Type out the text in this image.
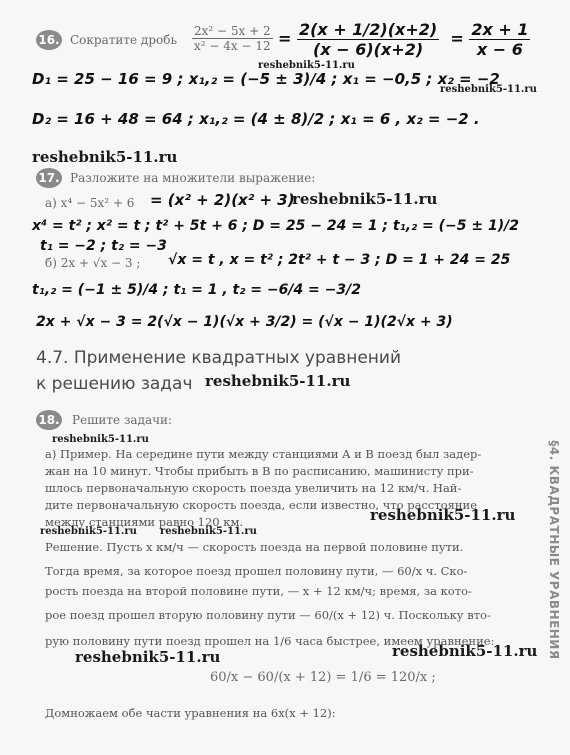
16. Сократите дробь $\frac{\text{2x² − 5x + 2}}{\text{x² − 4x − 12}} = \frac{2(x + 1/2)(x+2)}{(x - 6)(x+2)} = \frac{2x + 1}{x - 6}$
D₁ = 25 − 16 = 9 ; x₁,₂ = (−5 ± 3)/4 ; x₁ = −0,5 ; x₂ = −2
reshebnik5-11.ru
reshebnik5-11.ru
D₂ = 16 + 48 = 64 ; x₁,₂ = (4 ± 8)/2 ; x₁ = 6 , x₂ = −2 .
reshebnik5-11.ru
17. Разложите на множители выражение:
а) x⁴ − 5x² + 6 = (x² + 2)(x² + 3)
reshebnik5-11.ru
x⁴ = t² ; x² = t ; t² + 5t + 6 ; D = 25 − 24 = 1 ; t₁,₂ = (−5 ± 1)/2
t₁ = −2 ; t₂ = −3
б) 2x + √x − 3 ; √x = t , x = t² ; 2t² + t − 3 ; D = 1 + 24 = 25
t₁,₂ = (−1 ± 5)/4 ; t₁ = 1 , t₂ = −6/4 = −3/2
2x + √x − 3 = 2(√x − 1)(√x + 3/2) = (√x − 1)(2√x + 3)
4.7. Применение квадратных уравнений
к решению задач reshebnik5-11.ru
18. Решите задачи:
reshebnik5-11.ru
а) Пример. На середине пути между станциями A и B поезд был задер-
жан на 10 минут. Чтобы прибыть в B по расписанию, машинисту при-
шлось первоначальную скорость поезда увеличить на 12 км/ч. Най-
дите первоначальную скорость поезда, если известно, что расстояние
между станциями равно 120 км.	reshebnik5-11.ru
reshebnik5-11.ru reshebnik5-11.ru
Решение. Пусть x км/ч — скорость поезда на первой половине пути.
Тогда время, за которое поезд прошел половину пути, — 60/x ч. Ско-
рость поезда на второй половине пути, — x + 12 км/ч; время, за кото-
рое поезд прошел вторую половину пути — 60/(x + 12) ч. Поскольку вто-
рую половину пути поезд прошел на 1/6 часа быстрее, имеем уравнение:
reshebnik5-11.ru	reshebnik5-11.ru
60/x − 60/(x + 12) = 1/6 = 120/x ;
Домножаем обе части уравнения на 6x(x + 12):
§4. КВАДРАТНЫЕ УРАВНЕНИЯ
